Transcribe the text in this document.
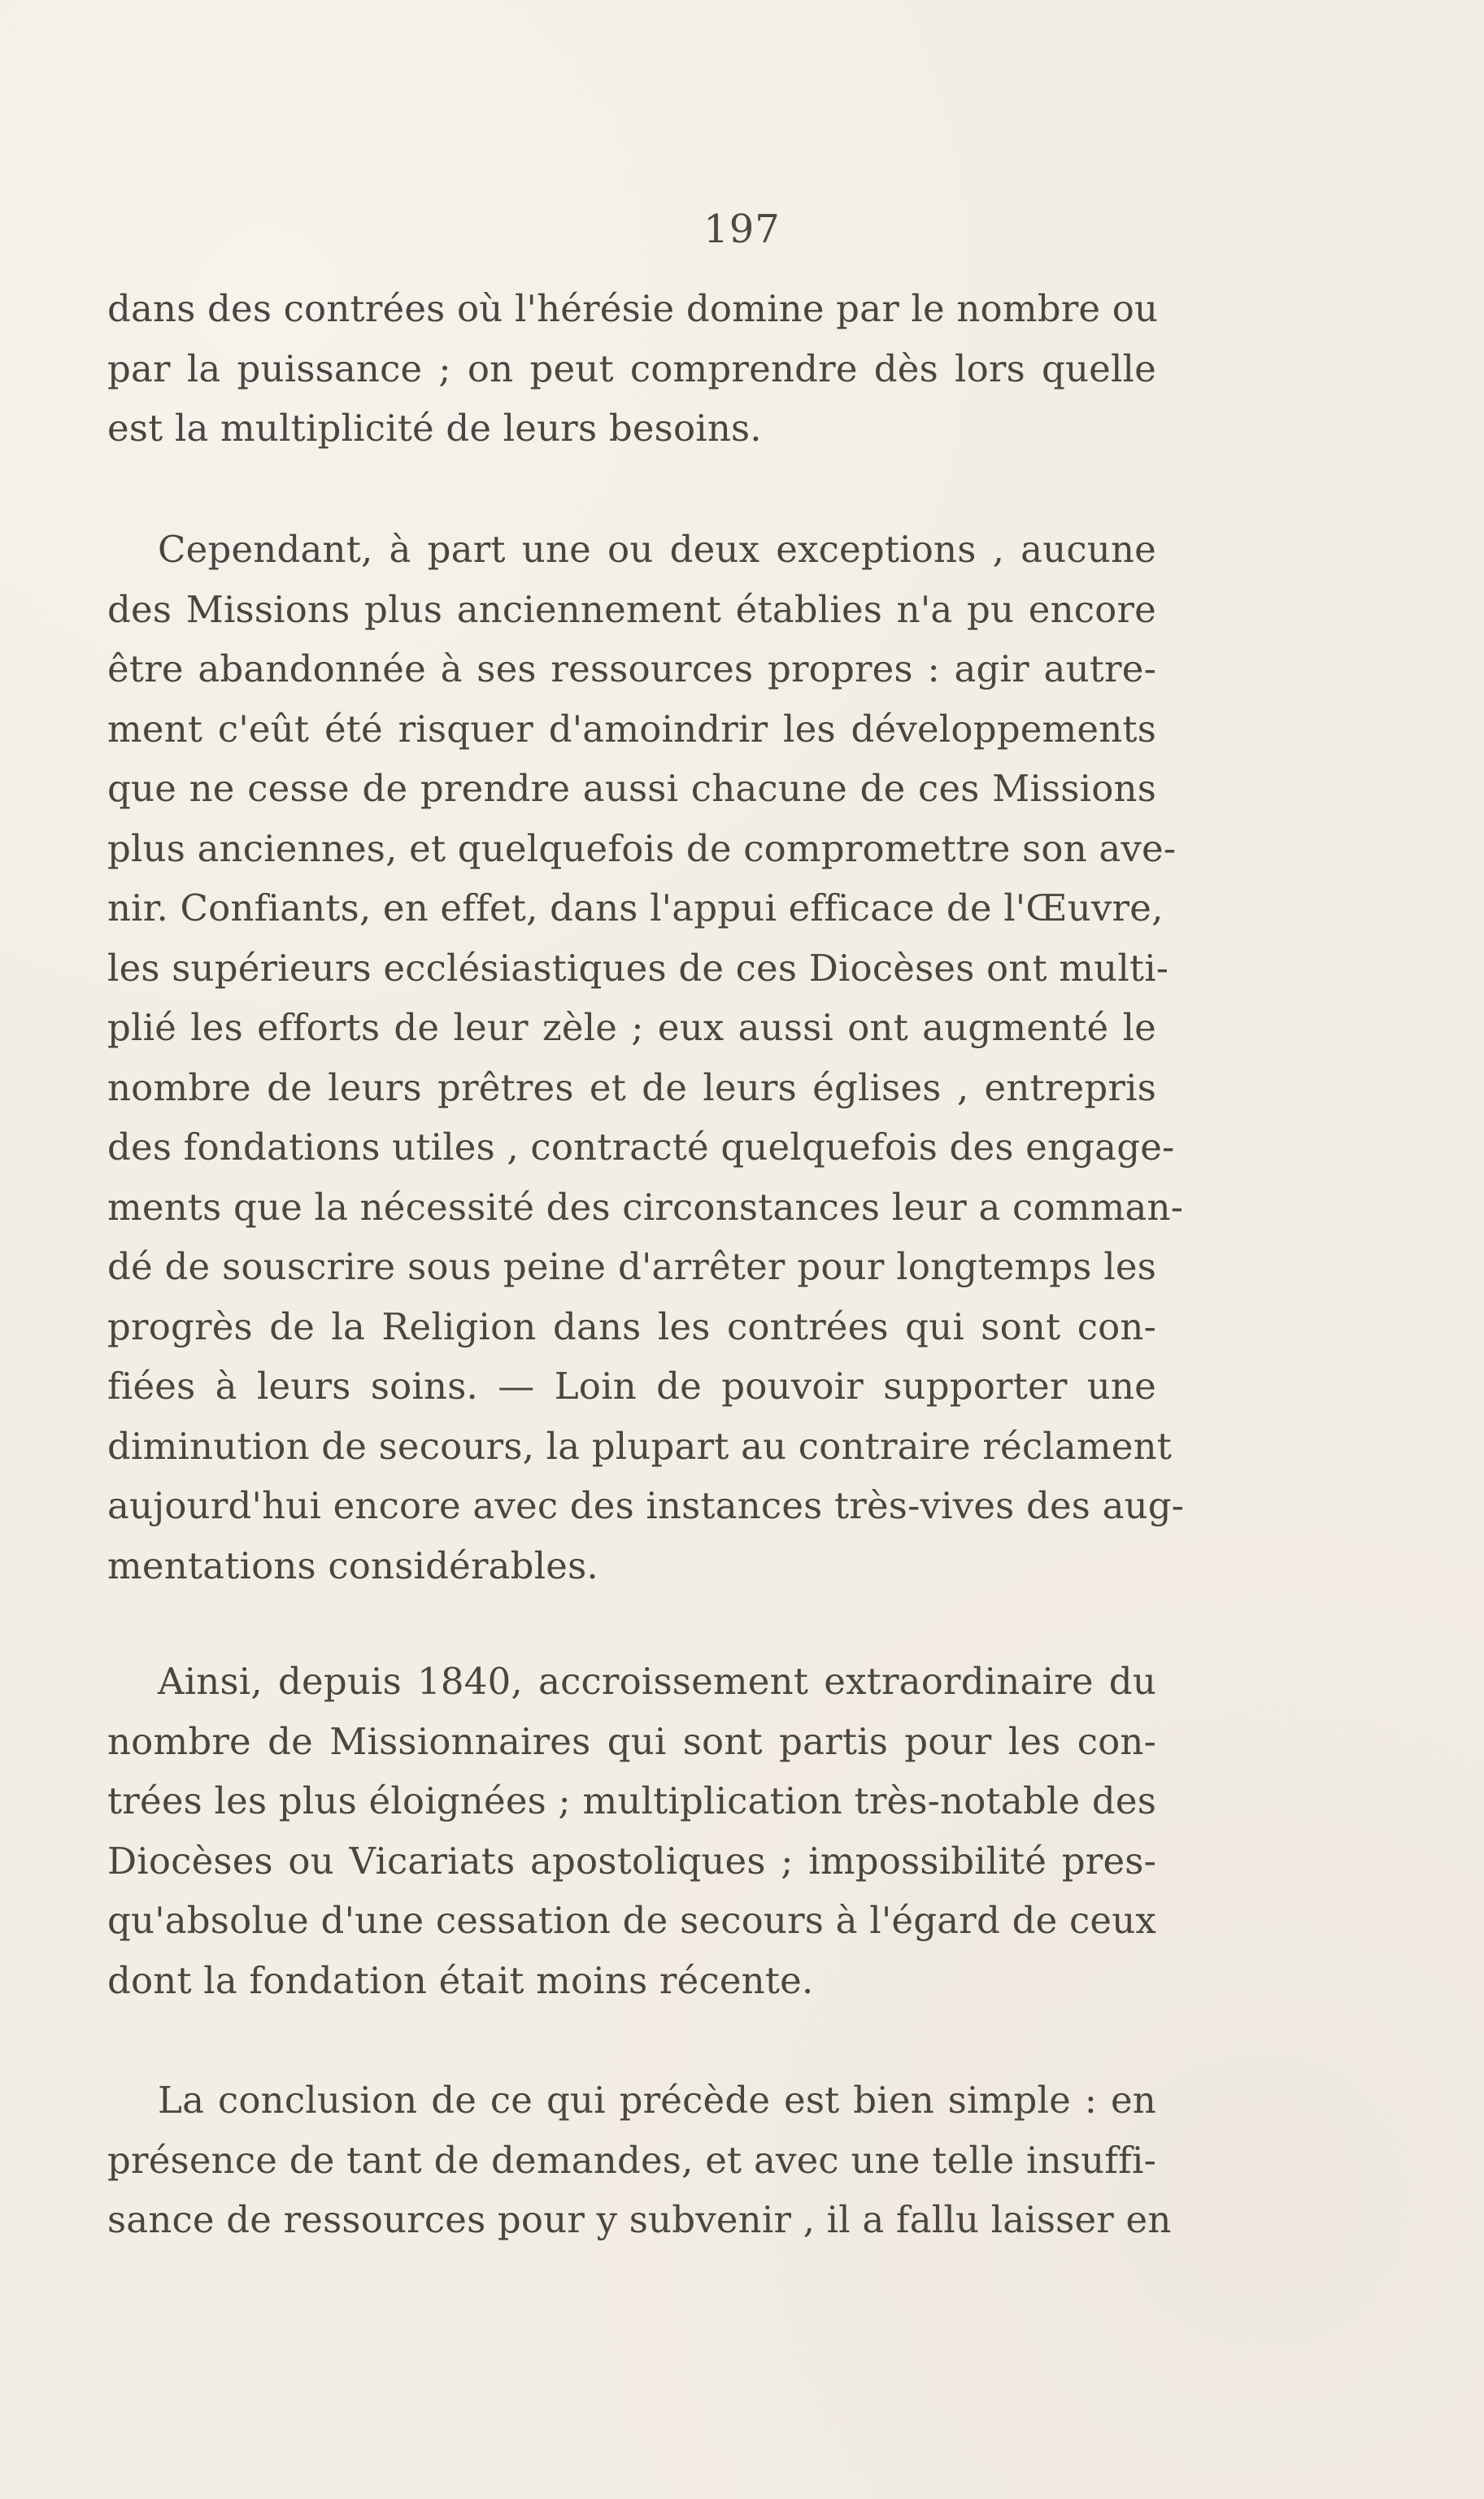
197
dans des contrées où l'hérésie domine par le nombre ou
par la puissance ; on peut comprendre dès lors quelle
est la multiplicité de leurs besoins.
Cependant, à part une ou deux exceptions , aucune
des Missions plus anciennement établies n'a pu encore
être abandonnée à ses ressources propres : agir autre-
ment c'eût été risquer d'amoindrir les développements
que ne cesse de prendre aussi chacune de ces Missions
plus anciennes, et quelquefois de compromettre son ave-
nir. Confiants, en effet, dans l'appui efficace de l'Œuvre,
les supérieurs ecclésiastiques de ces Diocèses ont multi-
plié les efforts de leur zèle ; eux aussi ont augmenté le
nombre de leurs prêtres et de leurs églises , entrepris
des fondations utiles , contracté quelquefois des engage-
ments que la nécessité des circonstances leur a comman-
dé de souscrire sous peine d'arrêter pour longtemps les
progrès de la Religion dans les contrées qui sont con-
fiées à leurs soins. — Loin de pouvoir supporter une
diminution de secours, la plupart au contraire réclament
aujourd'hui encore avec des instances très-vives des aug-
mentations considérables.
Ainsi, depuis 1840, accroissement extraordinaire du
nombre de Missionnaires qui sont partis pour les con-
trées les plus éloignées ; multiplication très-notable des
Diocèses ou Vicariats apostoliques ; impossibilité pres-
qu'absolue d'une cessation de secours à l'égard de ceux
dont la fondation était moins récente.
La conclusion de ce qui précède est bien simple : en
présence de tant de demandes, et avec une telle insuffi-
sance de ressources pour y subvenir , il a fallu laisser en
